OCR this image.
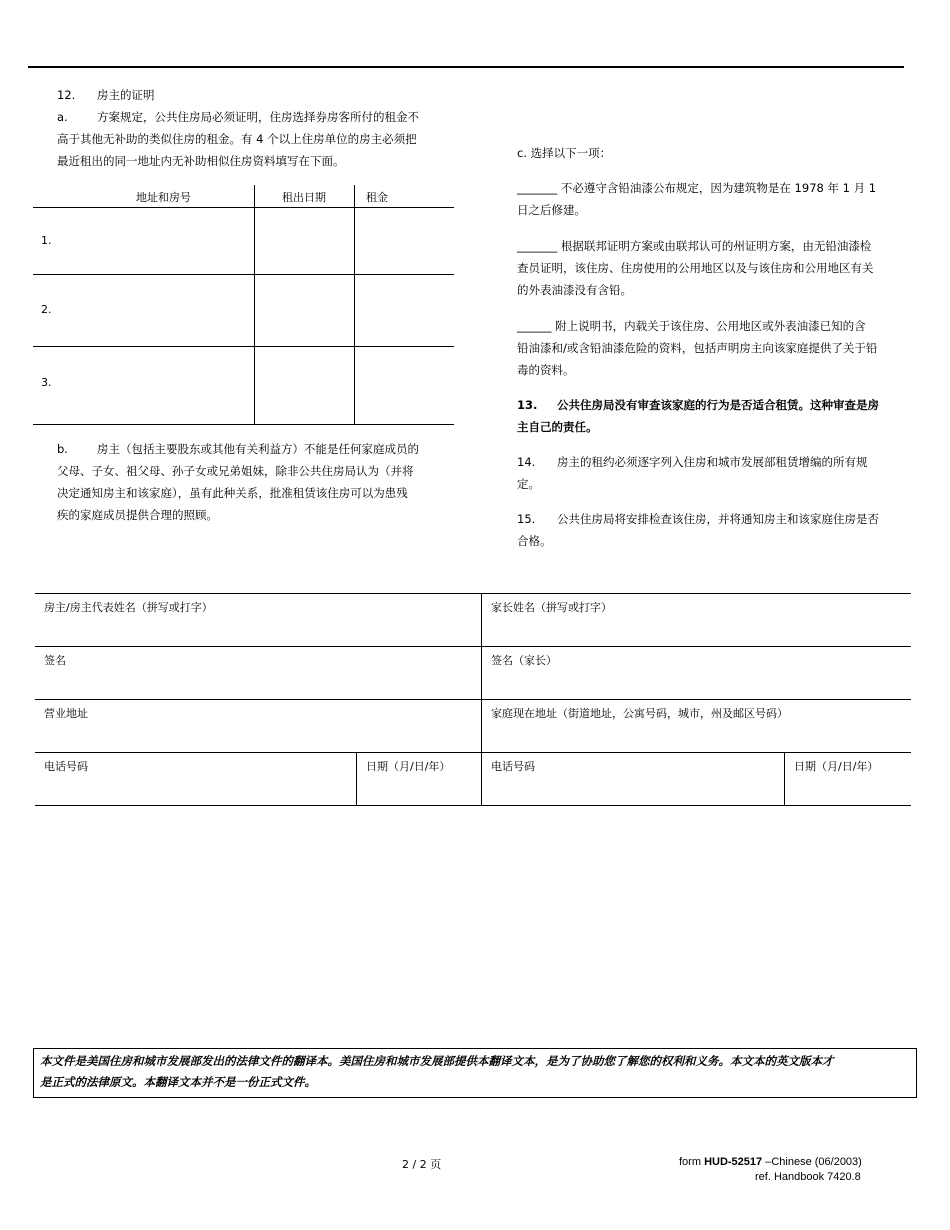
12. 房主的证明
a.	方案规定，公共住房局必须证明，住房选择券房客所付的租金不
高于其他无补助的类似住房的租金。有 4 个以上住房单位的房主必须把
最近租出的同一地址内无补助相似住房资料填写在下面。
地址和房号	租出日期	租金
1.
2.
3.
b.	房主（包括主要股东或其他有关利益方）不能是任何家庭成员的
父母、子女、祖父母、孙子女或兄弟姐妹，除非公共住房局认为（并将
决定通知房主和该家庭），虽有此种关系，批准租赁该住房可以为患残
疾的家庭成员提供合理的照顾。
c. 选择以下一项：
_______ 不必遵守含铅油漆公布规定，因为建筑物是在 1978 年 1 月 1
日之后修建。
_______ 根据联邦证明方案或由联邦认可的州证明方案，由无铅油漆检
查员证明，该住房、住房使用的公用地区以及与该住房和公用地区有关
的外表油漆没有含铅。
______ 附上说明书，内载关于该住房、公用地区或外表油漆已知的含
铅油漆和/或含铅油漆危险的资料，包括声明房主向该家庭提供了关于铅
毒的资料。
13. 公共住房局没有审查该家庭的行为是否适合租赁。这种审查是房
主自己的责任。
14. 房主的租约必须逐字列入住房和城市发展部租赁增编的所有规
定。
15. 公共住房局将安排检查该住房，并将通知房主和该家庭住房是否
合格。
房主/房主代表姓名（拼写或打字）	家长姓名（拼写或打字）
签名	签名（家长）
营业地址	家庭现在地址（街道地址，公寓号码，城市，州及邮区号码）
电话号码	日期（月/日/年）	电话号码	日期（月/日/年）
本文件是美国住房和城市发展部发出的法律文件的翻译本。美国住房和城市发展部提供本翻译文本，是为了协助您了解您的权利和义务。本文本的英文版本才
是正式的法律原文。本翻译文本并不是一份正式文件。
2 / 2 页	form HUD-52517 –Chinese (06/2003)
ref. Handbook 7420.8
